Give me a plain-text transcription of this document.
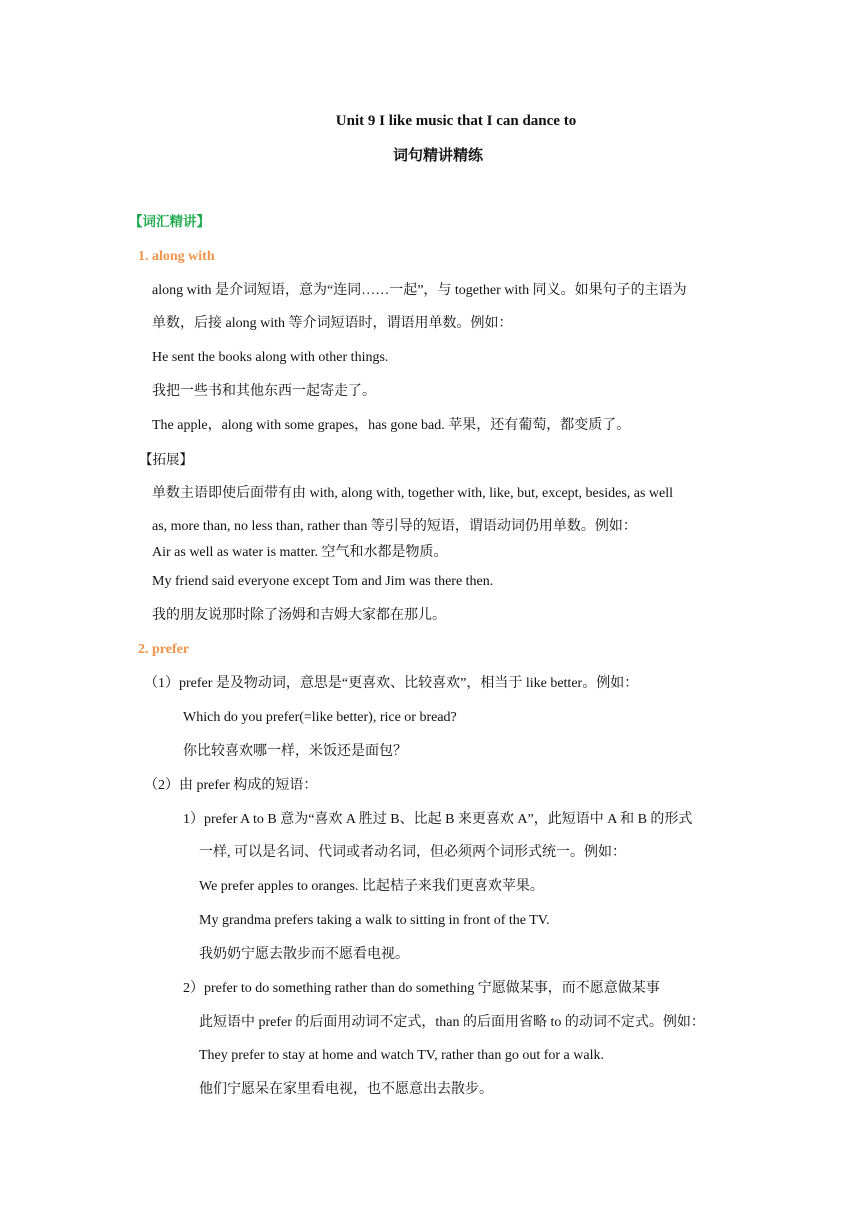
Unit 9 I like music that I can dance to

词句精讲精练

【词汇精讲】

1. along with

along with 是介词短语，意为“连同……一起”，与 together with 同义。如果句子的主语为

单数，后接 along with 等介词短语时，谓语用单数。例如：

He sent the books along with other things.

我把一些书和其他东西一起寄走了。

The apple，along with some grapes，has gone bad. 苹果，还有葡萄，都变质了。

【拓展】

单数主语即使后面带有由 with, along with, together with, like, but, except, besides, as well

as, more than, no less than, rather than 等引导的短语，谓语动词仍用单数。例如：

Air as well as water is matter. 空气和水都是物质。

My friend said everyone except Tom and Jim was there then.

我的朋友说那时除了汤姆和吉姆大家都在那儿。

2. prefer

（1）prefer 是及物动词，意思是“更喜欢、比较喜欢”，相当于 like better。例如：

Which do you prefer(=like better), rice or bread?

你比较喜欢哪一样，米饭还是面包？

（2）由 prefer 构成的短语：

1）prefer A to B 意为“喜欢 A 胜过 B、比起 B 来更喜欢 A”，此短语中 A 和 B 的形式

一样, 可以是名词、代词或者动名词，但必须两个词形式统一。例如：

We prefer apples to oranges. 比起桔子来我们更喜欢苹果。

My grandma prefers taking a walk to sitting in front of the TV.

我奶奶宁愿去散步而不愿看电视。

2）prefer to do something rather than do something 宁愿做某事，而不愿意做某事

此短语中 prefer 的后面用动词不定式，than 的后面用省略 to 的动词不定式。例如：

They prefer to stay at home and watch TV, rather than go out for a walk.

他们宁愿呆在家里看电视，也不愿意出去散步。
